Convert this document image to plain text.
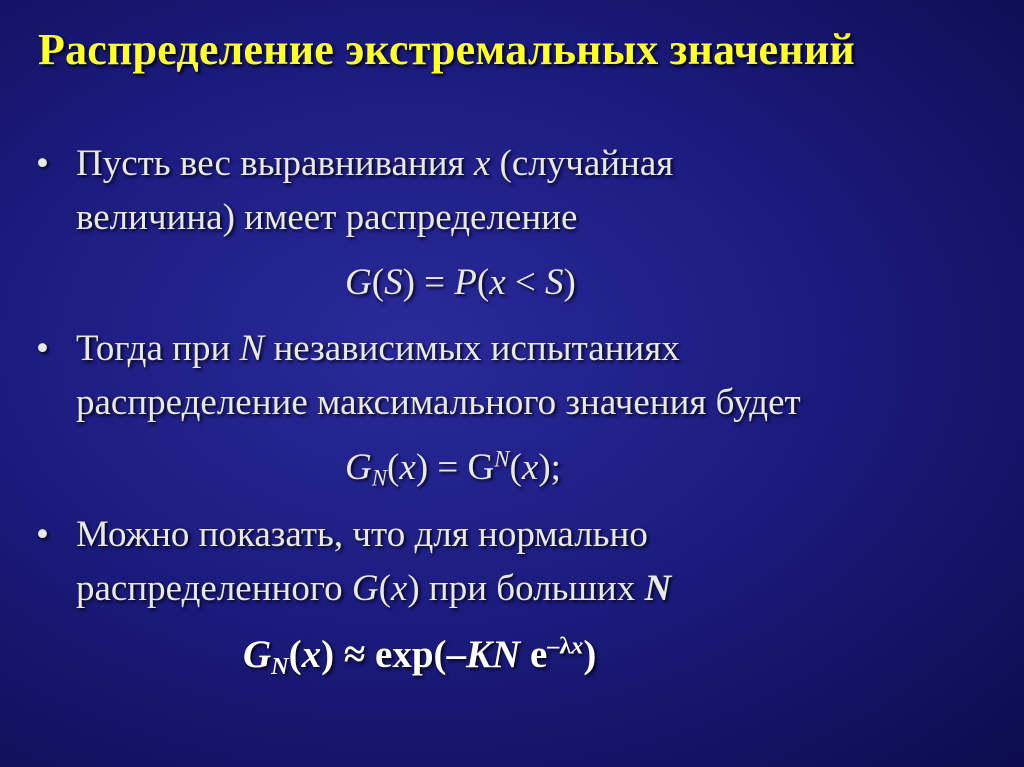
Распределение экстремальных значений
• Пусть вес выравнивания x (случайная
величина) имеет распределение
G(S) = P(x < S)
• Тогда при N независимых испытаниях
распределение максимального значения будет
$G_N(x) = G^N(x)$;
• Можно показать, что для нормально
распределенного G(x) при больших N
$G_N(x) \approx \exp(-KN$ $e^{-\lambda x}$)
